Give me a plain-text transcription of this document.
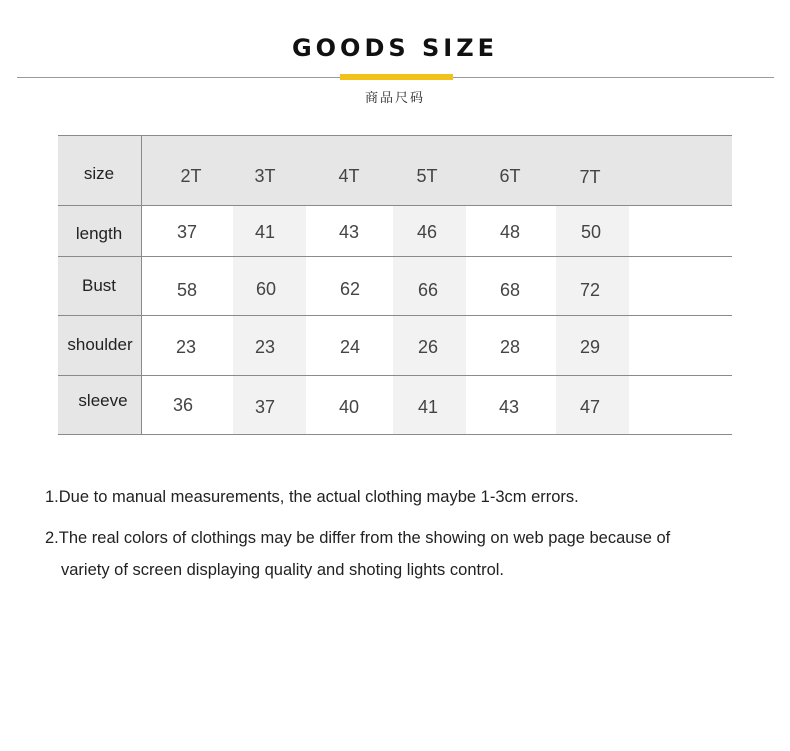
GOODS SIZE
商品尺码
size	2T	3T	4T	5T	6T	7T
length	37	41	43	46	48	50
Bust	58	60	62	66	68	72
shoulder 23	23	24	26	28	29
sleeve	36	37	40	41	43	47
1.Due to manual measurements, the actual clothing maybe 1-3cm errors.
2.The real colors of clothings may be differ from the showing on web page because of
variety of screen displaying quality and shoting lights control.
